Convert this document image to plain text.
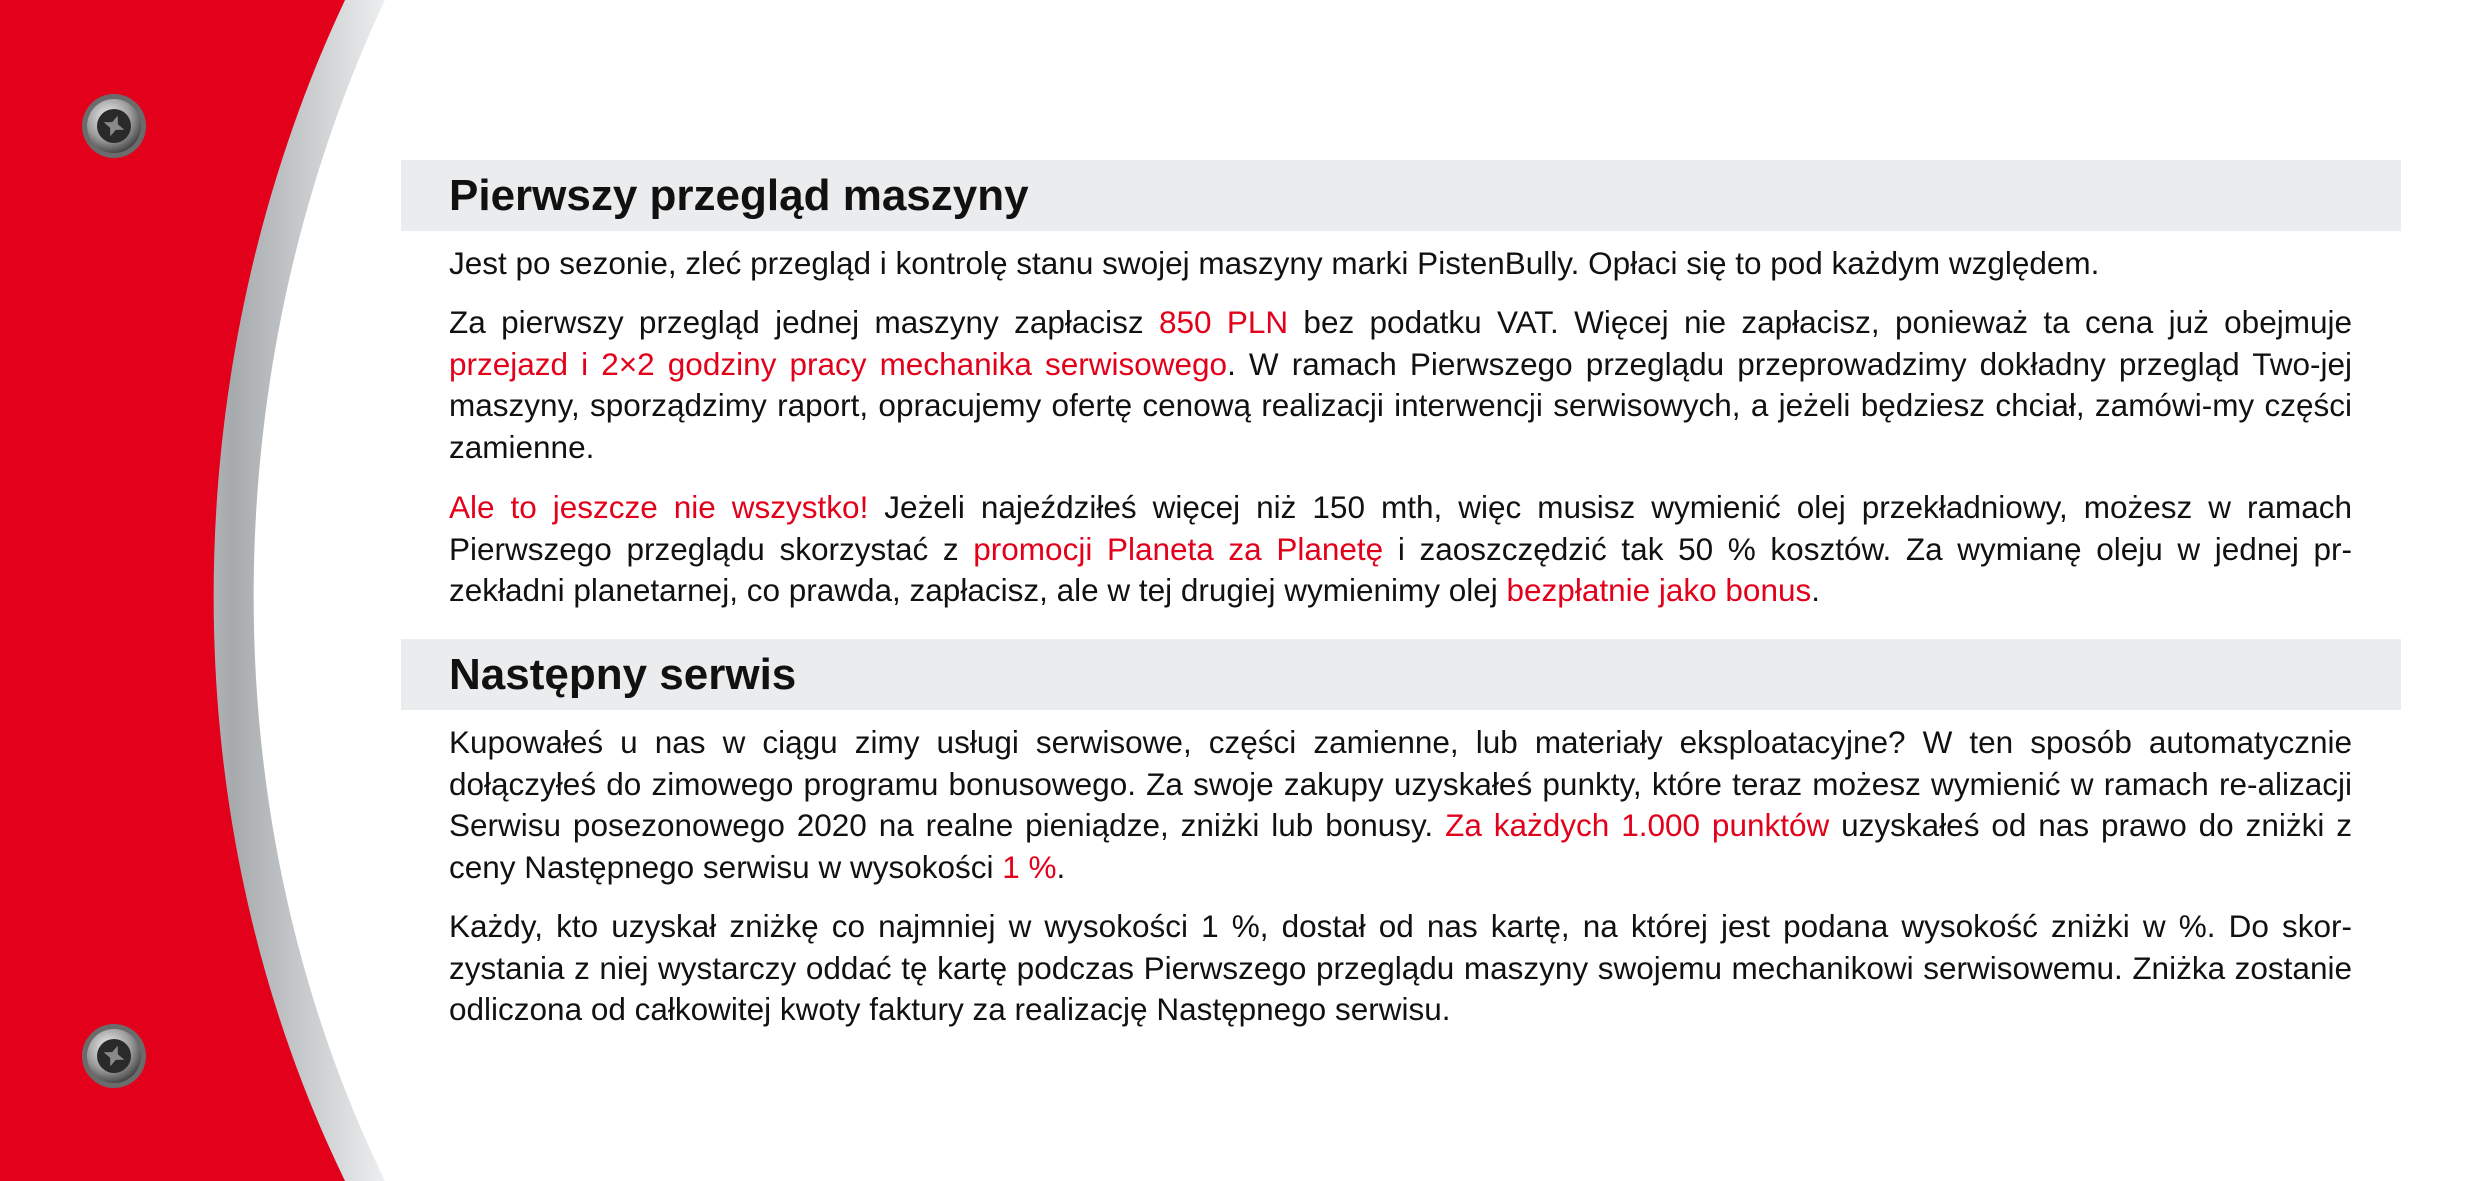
Pierwszy przegląd maszyny

Jest po sezonie, zleć przegląd i kontrolę stanu swojej maszyny marki PistenBully. Opłaci się to pod każdym względem.

Za pierwszy przegląd jednej maszyny zapłacisz 850 PLN bez podatku VAT. Więcej nie zapłacisz, ponieważ ta cena już obejmuje przejazd i 2×2 godziny pracy mechanika serwisowego. W ramach Pierwszego przeglądu przeprowadzimy dokładny przegląd Two-jej maszyny, sporządzimy raport, opracujemy ofertę cenową realizacji interwencji serwisowych, a jeżeli będziesz chciał, zamówi-my części zamienne.

Ale to jeszcze nie wszystko! Jeżeli najeździłeś więcej niż 150 mth, więc musisz wymienić olej przekładniowy, możesz w ramach Pierwszego przeglądu skorzystać z promocji Planeta za Planetę i zaoszczędzić tak 50 % kosztów. Za wymianę oleju w jednej pr-zekładni planetarnej, co prawda, zapłacisz, ale w tej drugiej wymienimy olej bezpłatnie jako bonus.

Następny serwis

Kupowałeś u nas w ciągu zimy usługi serwisowe, części zamienne, lub materiały eksploatacyjne? W ten sposób automatycznie dołączyłeś do zimowego programu bonusowego. Za swoje zakupy uzyskałeś punkty, które teraz możesz wymienić w ramach re-alizacji Serwisu posezonowego 2020 na realne pieniądze, zniżki lub bonusy. Za każdych 1.000 punktów uzyskałeś od nas prawo do zniżki z ceny Następnego serwisu w wysokości 1 %.

Każdy, kto uzyskał zniżkę co najmniej w wysokości 1 %, dostał od nas kartę, na której jest podana wysokość zniżki w %. Do skor-zystania z niej wystarczy oddać tę kartę podczas Pierwszego przeglądu maszyny swojemu mechanikowi serwisowemu. Zniżka zostanie odliczona od całkowitej kwoty faktury za realizację Następnego serwisu.
